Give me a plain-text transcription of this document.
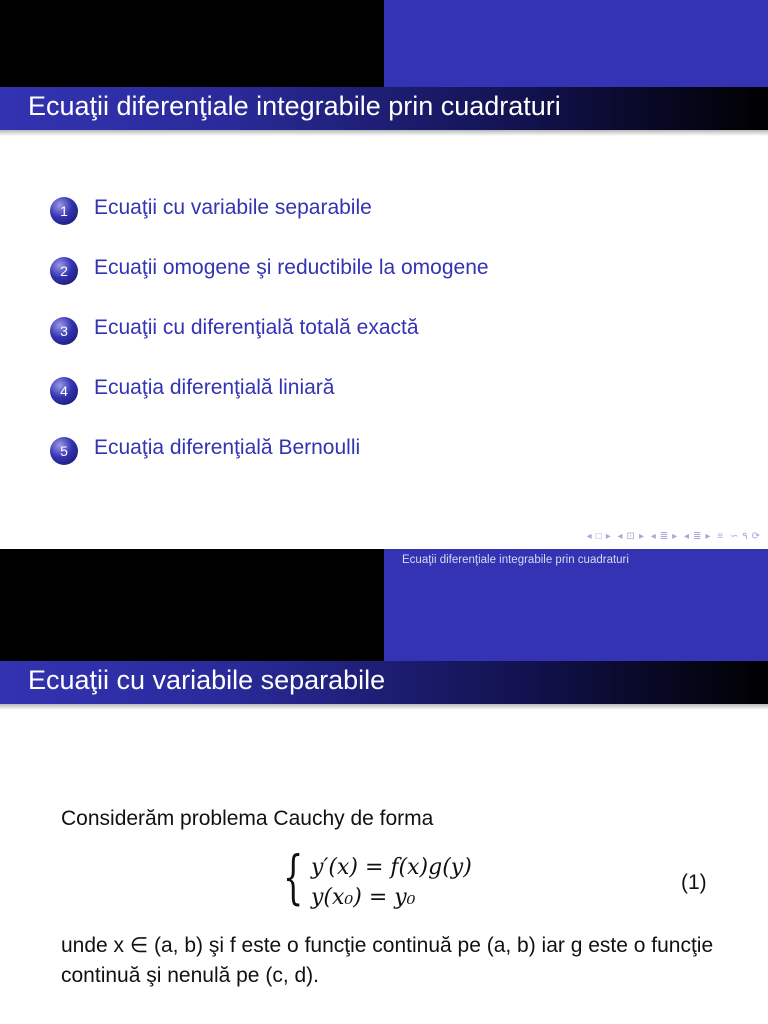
Ecuaţii diferenţiale integrabile prin cuadraturi
1	Ecuaţii cu variabile separabile
2	Ecuaţii omogene şi reductibile la omogene
3	Ecuaţii cu diferenţială totală exactă
4	Ecuaţia diferenţială liniară
5	Ecuaţia diferenţială Bernoulli
◂ □ ▸ ◂ ⊡ ▸ ◂ ≣ ▸ ◂ ≣ ▸ ≡ ∽ ۹ ⟳
Ecuaţii diferenţiale integrabile prin cuadraturi
Ecuaţii cu variabile separabile
Considerăm problema Cauchy de forma
{ y′(x) = f(x)g(y)
y(x₀) = y₀
(1)
unde x ∈ (a, b) şi f este o funcţie continuă pe (a, b) iar g este o funcţie continuă şi nenulă pe (c, d).
